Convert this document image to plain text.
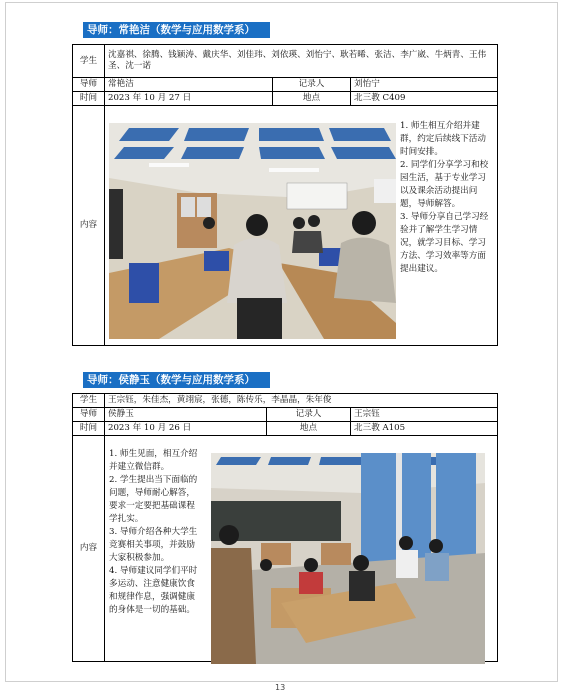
导师：常艳洁（数学与应用数学系）
学生	沈嘉祺、徐腾、钱颖涛、戴庆华、刘佳玮、刘依瑛、刘怡宁、耿若晞、张洁、李广崴、牛炳青、王伟圣、沈一诺		
导师	常艳洁	记录人	刘怡宁
时间	2023 年 10 月 27 日	地点	北三教 C409
内容	1. 师生相互介绍并建群，约定后续线下活动时间安排。

2. 同学们分享学习和校园生活，基于专业学习以及课余活动提出问题，导师解答。

3. 导师分享自己学习经验并了解学生学习情况，就学习目标、学习方法、学习效率等方面提出建议。		

导师：侯静玉（数学与应用数学系）
学生	王宗钰，朱佳杰，黄翊宸，张德，陈传乐，李晶晶，朱年俊		
导师	侯静玉	记录人	王宗钰
时间	2023 年 10 月 26 日	地点	北三教 A105
内容	1. 师生见面，相互介绍并建立微信群。

2. 学生提出当下面临的问题，导师耐心解答，要求一定要把基础课程学扎实。

3. 导师介绍各种大学生竞赛相关事项，并鼓励大家积极参加。

4. 导师建议同学们平时多运动、注意健康饮食和规律作息，强调健康的身体是一切的基础。		

13
